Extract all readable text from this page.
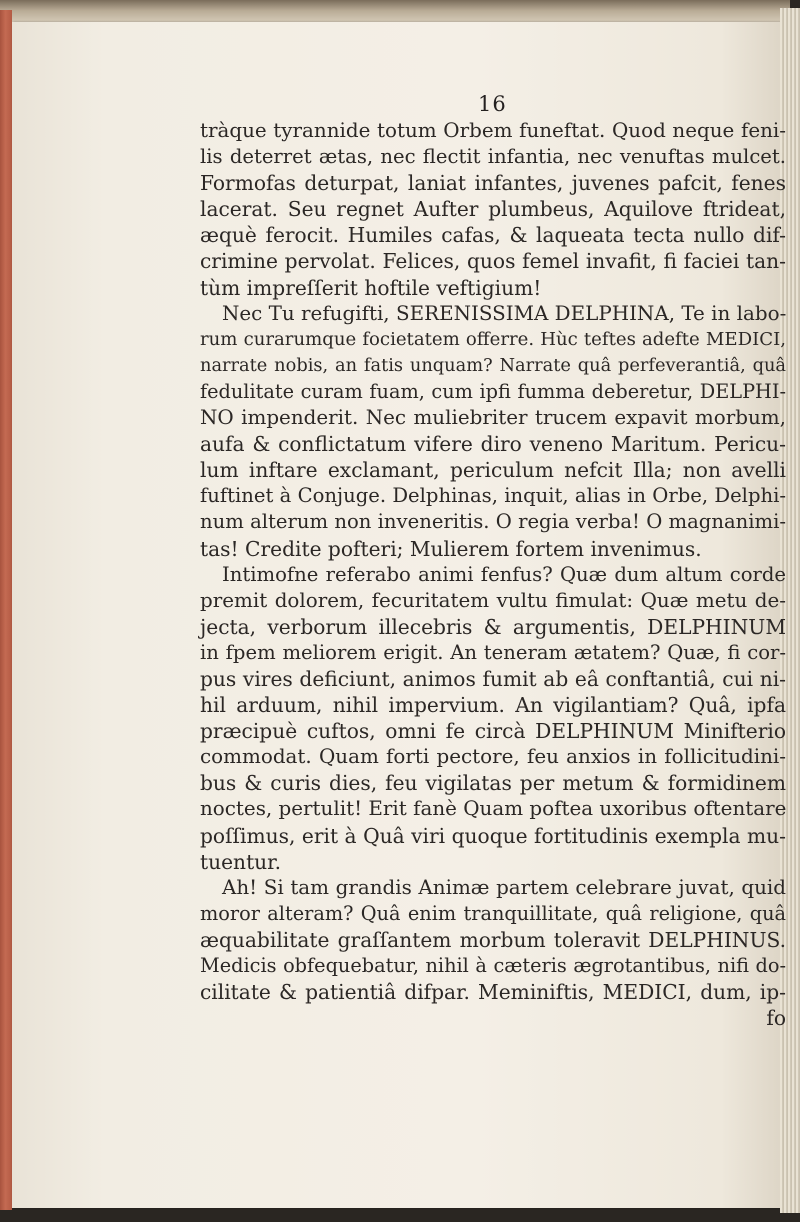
16
tràque tyrannide totum Orbem funeftat. Quod neque feni-
lis deterret ætas, nec flectit infantia, nec venuftas mulcet.
Formofas deturpat, laniat infantes, juvenes pafcit, fenes
lacerat. Seu regnet Aufter plumbeus, Aquilove ftrideat,
æquè ferocit. Humiles cafas, & laqueata tecta nullo dif-
crimine pervolat. Felices, quos femel invafit, fi faciei tan-
tùm impreſſerit hoftile veftigium!
Nec Tu refugifti, SERENISSIMA DELPHINA, Te in labo-
rum curarumque focietatem offerre. Hùc teftes adefte MEDICI,
narrate nobis, an fatis unquam? Narrate quâ perfeverantiâ, quâ
fedulitate curam fuam, cum ipfi fumma deberetur, DELPHI-
NO impenderit. Nec muliebriter trucem expavit morbum,
aufa & conflictatum vifere diro veneno Maritum. Pericu-
lum inftare exclamant, periculum nefcit Illa; non avelli
fuftinet à Conjuge. Delphinas, inquit, alias in Orbe, Delphi-
num alterum non inveneritis. O regia verba! O magnanimi-
tas! Credite pofteri; Mulierem fortem invenimus.
Intimofne referabo animi fenfus? Quæ dum altum corde
premit dolorem, fecuritatem vultu fimulat: Quæ metu de-
jecta, verborum illecebris & argumentis, DELPHINUM
in fpem meliorem erigit. An teneram ætatem? Quæ, fi cor-
pus vires deficiunt, animos fumit ab eâ conftantiâ, cui ni-
hil arduum, nihil impervium. An vigilantiam? Quâ, ipfa
præcipuè cuftos, omni fe circà DELPHINUM Minifterio
commodat. Quam forti pectore, feu anxios in follicitudini-
bus & curis dies, feu vigilatas per metum & formidinem
noctes, pertulit! Erit fanè Quam poftea uxoribus oftentare
poſſimus, erit à Quâ viri quoque fortitudinis exempla mu-
tuentur.
Ah! Si tam grandis Animæ partem celebrare juvat, quid
moror alteram? Quâ enim tranquillitate, quâ religione, quâ
æquabilitate graſſantem morbum toleravit DELPHINUS.
Medicis obfequebatur, nihil à cæteris ægrotantibus, nifi do-
cilitate & patientiâ difpar. Meminiftis, MEDICI, dum, ip-
fo
